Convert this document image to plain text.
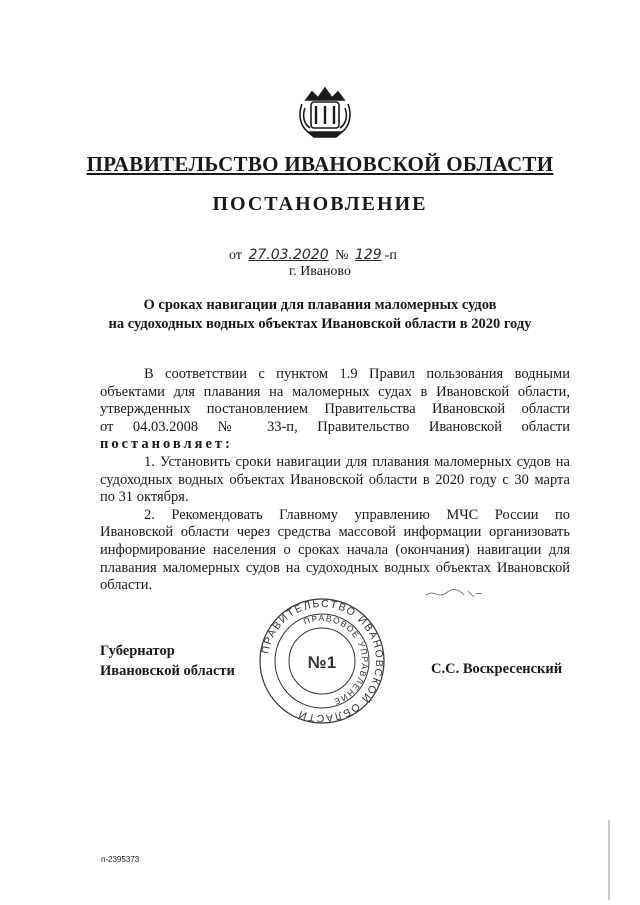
ПРАВИТЕЛЬСТВО ИВАНОВСКОЙ ОБЛАСТИ
ПОСТАНОВЛЕНИЕ
от 27.03.2020 № 129 -п
г. Иваново
О сроках навигации для плавания маломерных судов
на судоходных водных объектах Ивановской области в 2020 году

В соответствии с пунктом 1.9 Правил пользования водными

объектами для плавания на маломерных судах в Ивановской области,

утвержденных постановлением Правительства Ивановской области

от 04.03.2008 № 33-п, Правительство Ивановской области

постановляет:

1. Установить сроки навигации для плавания маломерных судов на

судоходных водных объектах Ивановской области в 2020 году с 30 марта

по 31 октября.

2. Рекомендовать Главному управлению МЧС России по

Ивановской области через средства массовой информации организовать

информирование населения о сроках начала (окончания) навигации для

плавания маломерных судов на судоходных водных объектах Ивановской

области.

Губернатор
Ивановской области	С.С. Воскресенский
ПРАВИТЕЛЬСТВО ИВАНОВСКОЙ ОБЛАСТИ
ПРАВОВОЕ УПРАВЛЕНИЕ
№1
п-2395373
